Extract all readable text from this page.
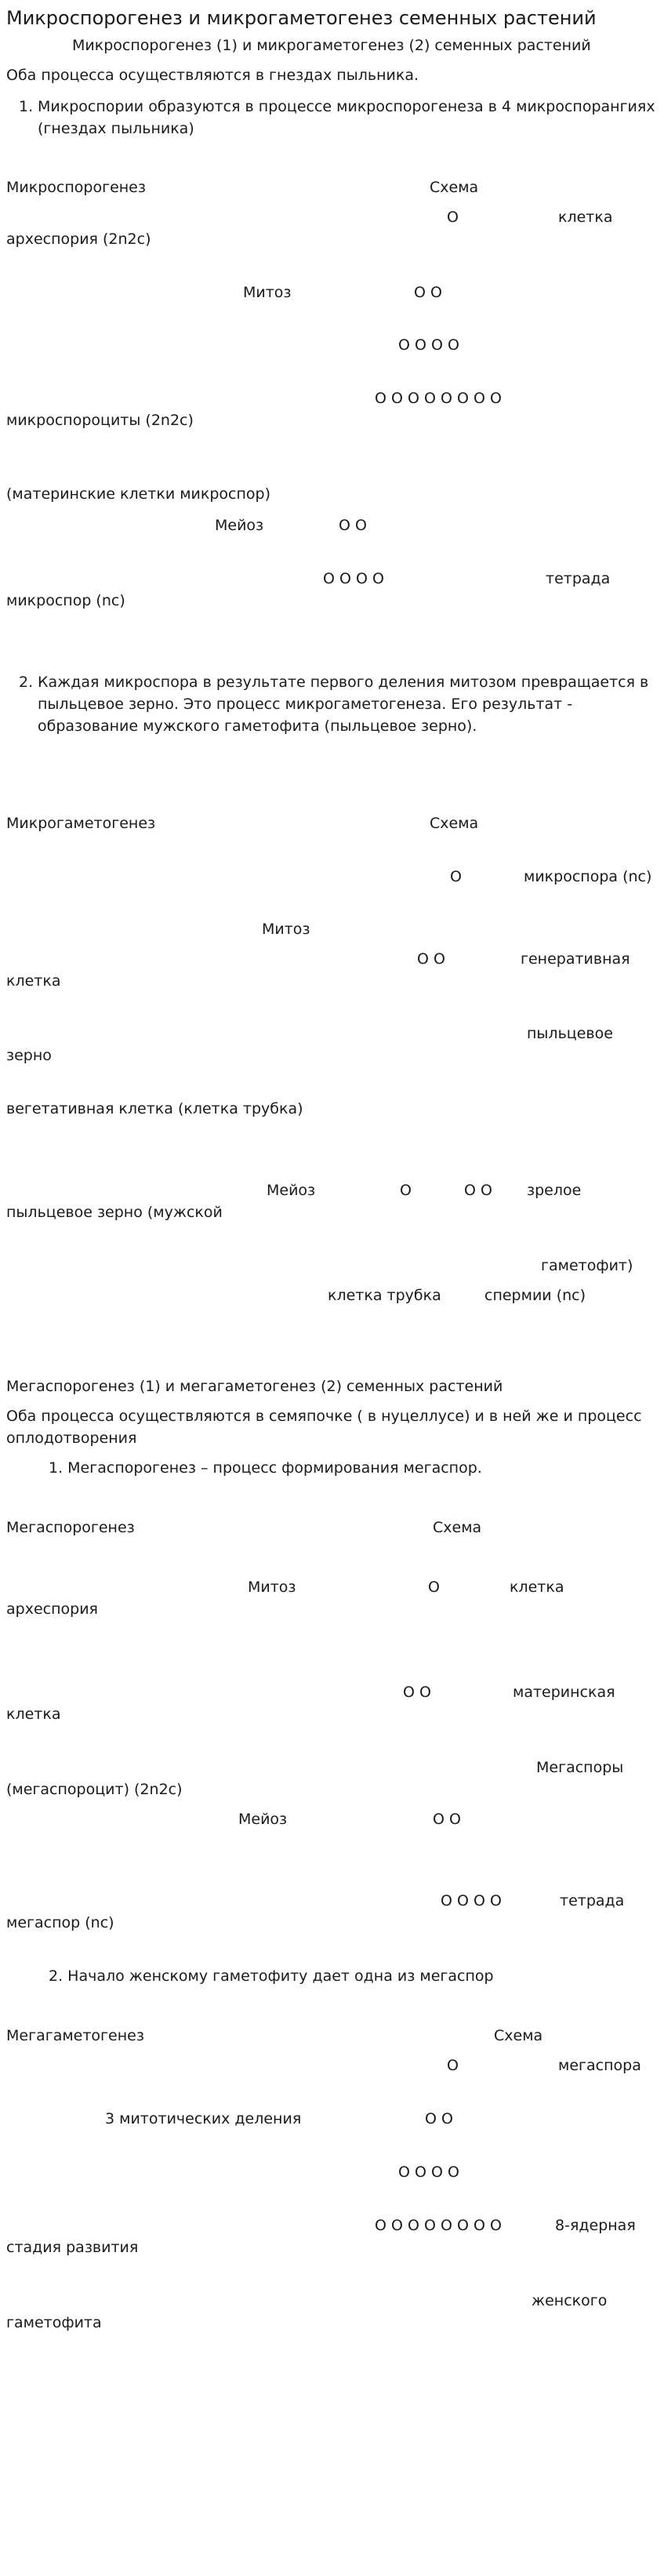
Микроспорогенез и микрогаметогенез семенных растений
Микроспорогенез (1) и микрогаметогенез (2) семенных растений
Оба процесса осуществляются в гнездах пыльника.
1. Микроспории образуются в процессе микроспорогенеза в 4 микроспорангиях
(гнездах пыльника)
Микроспорогенез	Схема
О	клетка
археспория (2n2c)
Митоз	О О
О О О О
О О О О О О О О
микроспороциты (2n2c)
(материнские клетки микроспор)
Мейоз	О О
О О О О	тетрада
микроспор (nc)
2. Каждая микроспора в результате первого деления митозом превращается в
пыльцевое зерно. Это процесс микрогаметогенеза. Его результат -
образование мужского гаметофита (пыльцевое зерно).
Микрогаметогенез	Схема
О	микроспора (nc)
Митоз
О О	генеративная
клетка
пыльцевое
зерно
вегетативная клетка (клетка трубка)
Мейоз	О	О О зрелое
пыльцевое зерно (мужской
гаметофит)
клетка трубка	спермии (nc)
Мегаспорогенез (1) и мегагаметогенез (2) семенных растений
Оба процесса осуществляются в семяпочке ( в нуцеллусе) и в ней же и процесс
оплодотворения
1. Мегаспорогенез – процесс формирования мегаспор.
Мегаспорогенез	Схема
Митоз	О	клетка
археспория
О О	материнская
клетка
Мегаспоры
(мегаспороцит) (2n2c)
Мейоз	О О
О О О О	тетрада
мегаспор (nc)
2. Начало женскому гаметофиту дает одна из мегаспор
Мегагаметогенез	Схема
О	мегаспора
3 митотических деления	О О
О О О О
О О О О О О О О	8-ядерная
стадия развития
женского
гаметофита
